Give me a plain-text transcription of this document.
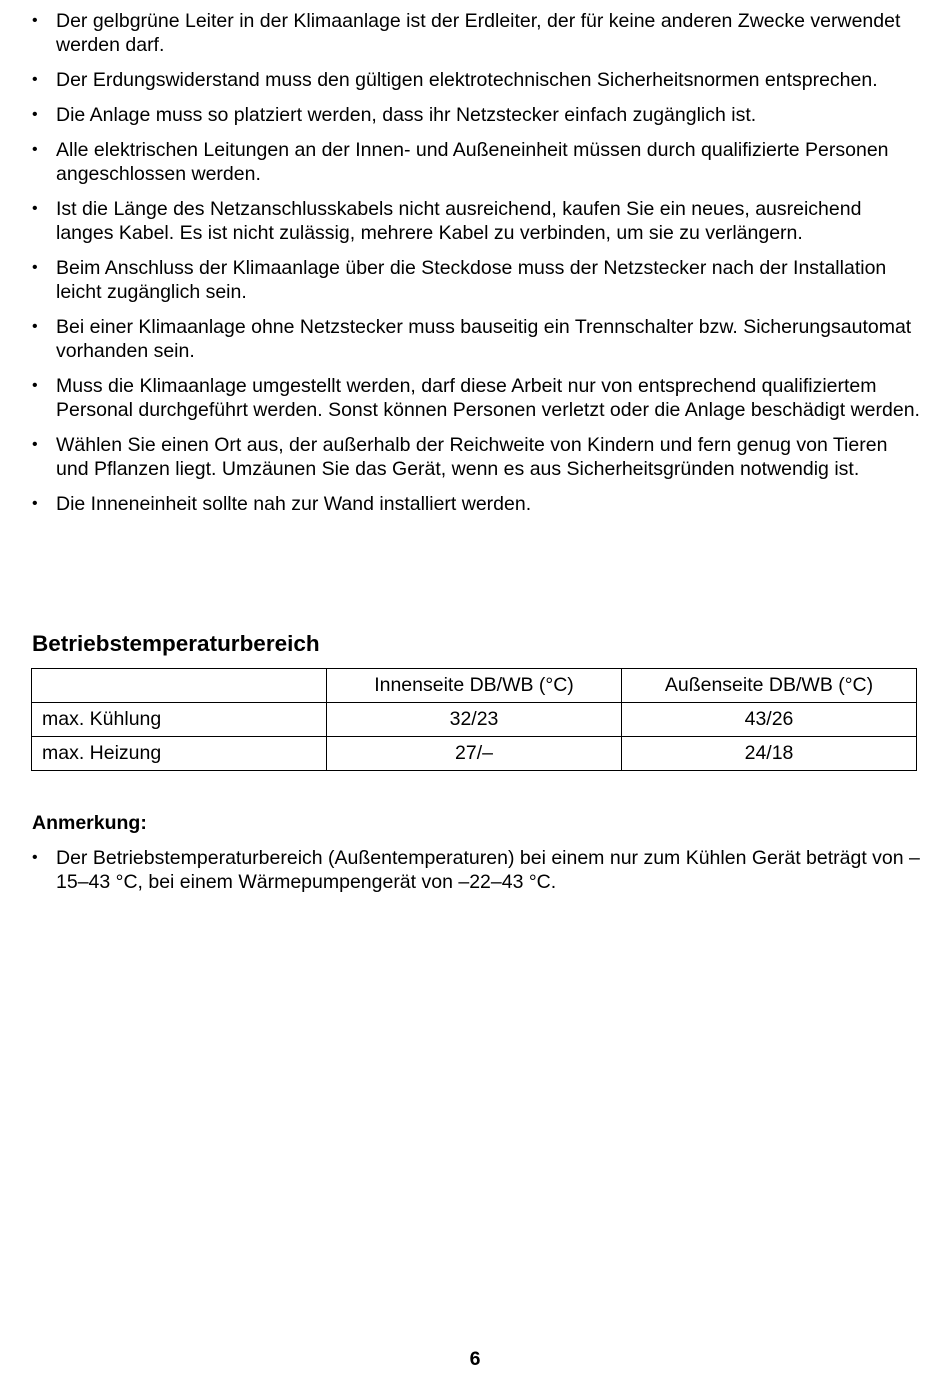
• Der gelbgrüne Leiter in der Klimaanlage ist der Erdleiter, der für keine anderen Zwecke verwendet werden darf.
• Der Erdungswiderstand muss den gültigen elektrotechnischen Sicherheitsnormen entsprechen.
• Die Anlage muss so platziert werden, dass ihr Netzstecker einfach zugänglich ist.
• Alle elektrischen Leitungen an der Innen- und Außeneinheit müssen durch qualifizierte Personen angeschlossen werden.
• Ist die Länge des Netzanschlusskabels nicht ausreichend, kaufen Sie ein neues, ausreichend langes Kabel. Es ist nicht zulässig, mehrere Kabel zu verbinden, um sie zu verlängern.
• Beim Anschluss der Klimaanlage über die Steckdose muss der Netzstecker nach der Installation leicht zugänglich sein.
• Bei einer Klimaanlage ohne Netzstecker muss bauseitig ein Trennschalter bzw. Sicherungsautomat vorhanden sein.
• Muss die Klimaanlage umgestellt werden, darf diese Arbeit nur von entsprechend qualifiziertem Personal durchgeführt werden. Sonst können Personen verletzt oder die Anlage beschädigt werden.
• Wählen Sie einen Ort aus, der außerhalb der Reichweite von Kindern und fern genug von Tieren und Pflanzen liegt. Umzäunen Sie das Gerät, wenn es aus Sicherheitsgründen notwendig ist.
• Die Inneneinheit sollte nah zur Wand installiert werden.
Betriebstemperaturbereich
	Innenseite DB/WB (°C)	Außenseite DB/WB (°C)
max. Kühlung	32/23	43/26
max. Heizung	27/–	24/18
Anmerkung:
• Der Betriebstemperaturbereich (Außentemperaturen) bei einem nur zum Kühlen Gerät beträgt von –15–43 °C, bei einem Wärmepumpengerät von –22–43 °C.
6
